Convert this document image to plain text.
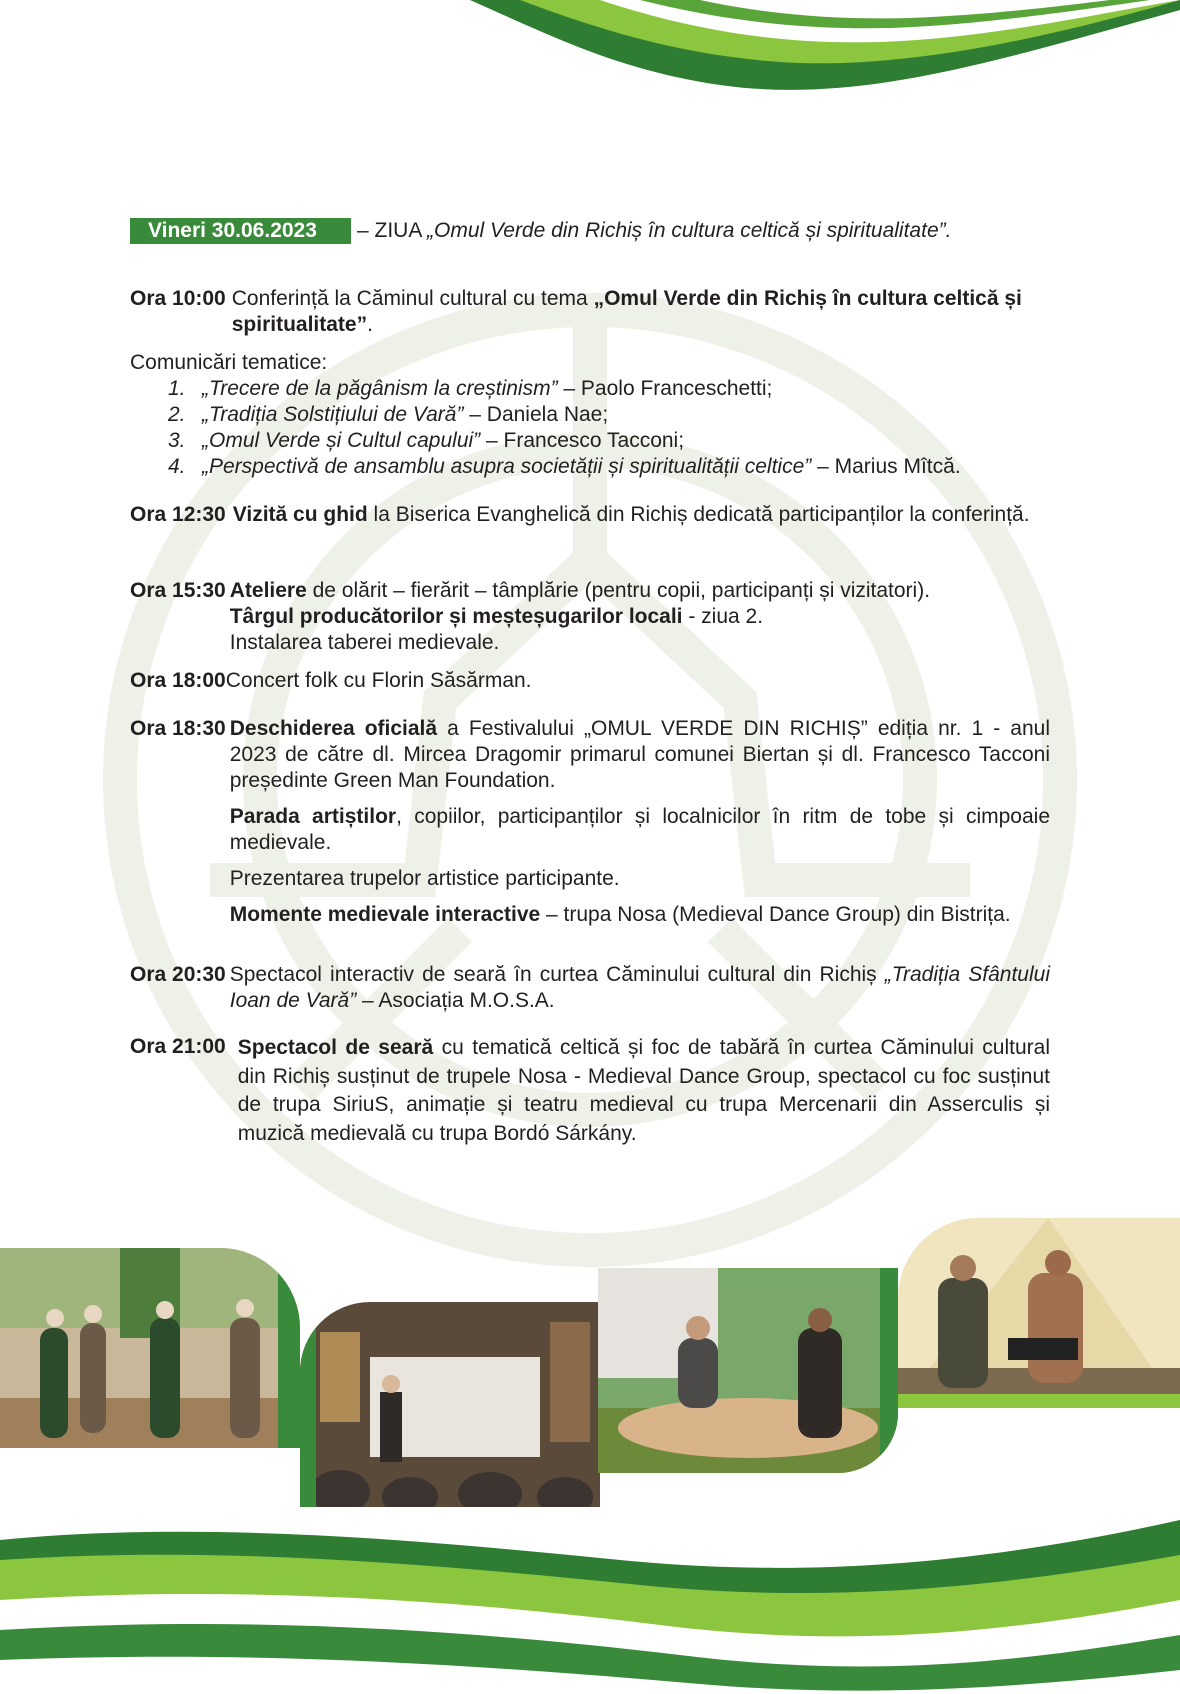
Vineri 30.06.2023 – ZIUA „Omul Verde din Richiș în cultura celtică și spiritualitate”.
Ora 10:00 Conferință la Căminul cultural cu tema „Omul Verde din Richiș în cultura celtică și spiritualitate”.
Comunicări tematice:
1. „Trecere de la păgânism la creștinism” – Paolo Franceschetti;
2. „Tradiția Solstițiului de Vară” – Daniela Nae;
3. „Omul Verde și Cultul capului” – Francesco Tacconi;
4. „Perspectivă de ansamblu asupra societății și spiritualității celtice” – Marius Mîtcă.
Ora 12:30 Vizită cu ghid la Biserica Evanghelică din Richiș dedicată participanților la conferință.
Ora 15:30 Ateliere de olărit – fierărit – tâmplărie (pentru copii, participanți și vizitatori).
Târgul producătorilor și meșteșugarilor locali - ziua 2.
Instalarea taberei medievale.
Ora 18:00 Concert folk cu Florin Săsărman.
Ora 18:30 Deschiderea oficială a Festivalului „OMUL VERDE DIN RICHIȘ” ediția nr. 1 - anul 2023 de către dl. Mircea Dragomir primarul comunei Biertan și dl. Francesco Tacconi președinte Green Man Foundation.
Parada artiștilor, copiilor, participanților și localnicilor în ritm de tobe și cimpoaie medievale.
Prezentarea trupelor artistice participante.
Momente medievale interactive – trupa Nosa (Medieval Dance Group) din Bistrița.
Ora 20:30 Spectacol interactiv de seară în curtea Căminului cultural din Richiș „Tradiția Sfântului Ioan de Vară” – Asociația M.O.S.A.
Ora 21:00 Spectacol de seară cu tematică celtică și foc de tabără în curtea Căminului cultural din Richiș susținut de trupele Nosa - Medieval Dance Group, spectacol cu foc susținut de trupa SiriuS, animație și teatru medieval cu trupa Mercenarii din Asserculis și muzică medievală cu trupa Bordó Sárkány.
